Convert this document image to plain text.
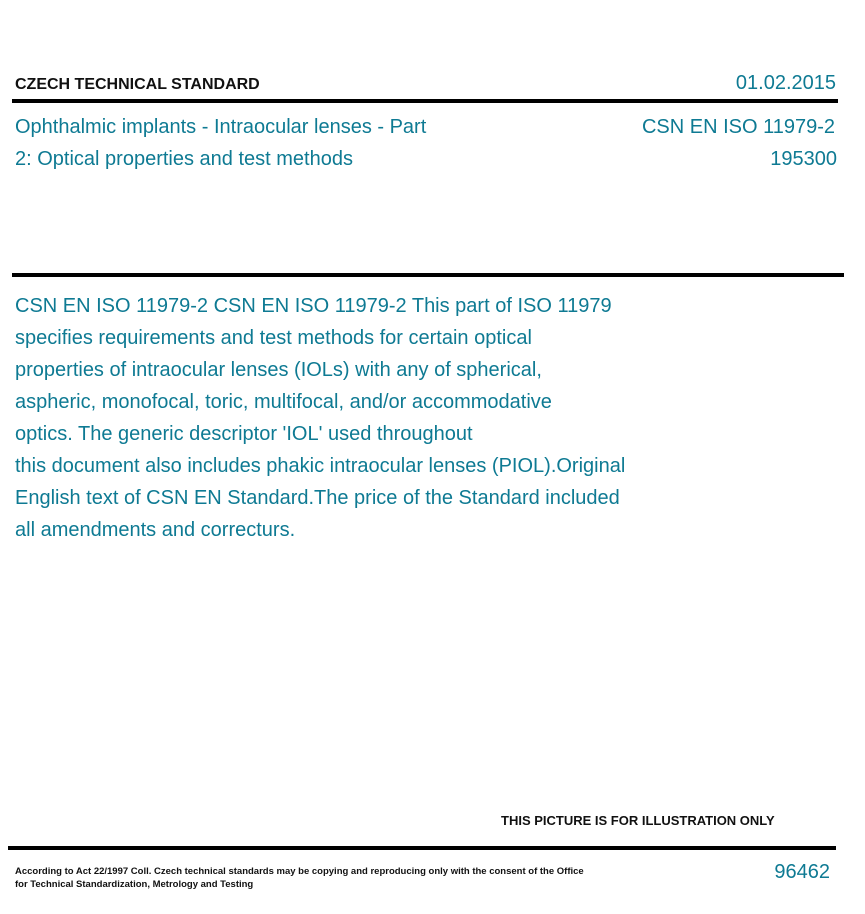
CZECH TECHNICAL STANDARD	01.02.2015
Ophthalmic implants - Intraocular lenses - Part
2: Optical properties and test methods
CSN EN ISO 11979-2
195300
CSN EN ISO 11979-2 CSN EN ISO 11979-2 This part of ISO 11979
specifies requirements and test methods for certain optical
properties of intraocular lenses (IOLs) with any of spherical,
aspheric, monofocal, toric, multifocal, and/or accommodative
optics. The generic descriptor 'IOL' used throughout
this document also includes phakic intraocular lenses (PIOL).Original
English text of CSN EN Standard.The price of the Standard included
all amendments and correcturs.
THIS PICTURE IS FOR ILLUSTRATION ONLY
According to Act 22/1997 Coll. Czech technical standards may be copying and reproducing only with the consent of the Office
for Technical Standardization, Metrology and Testing
96462
